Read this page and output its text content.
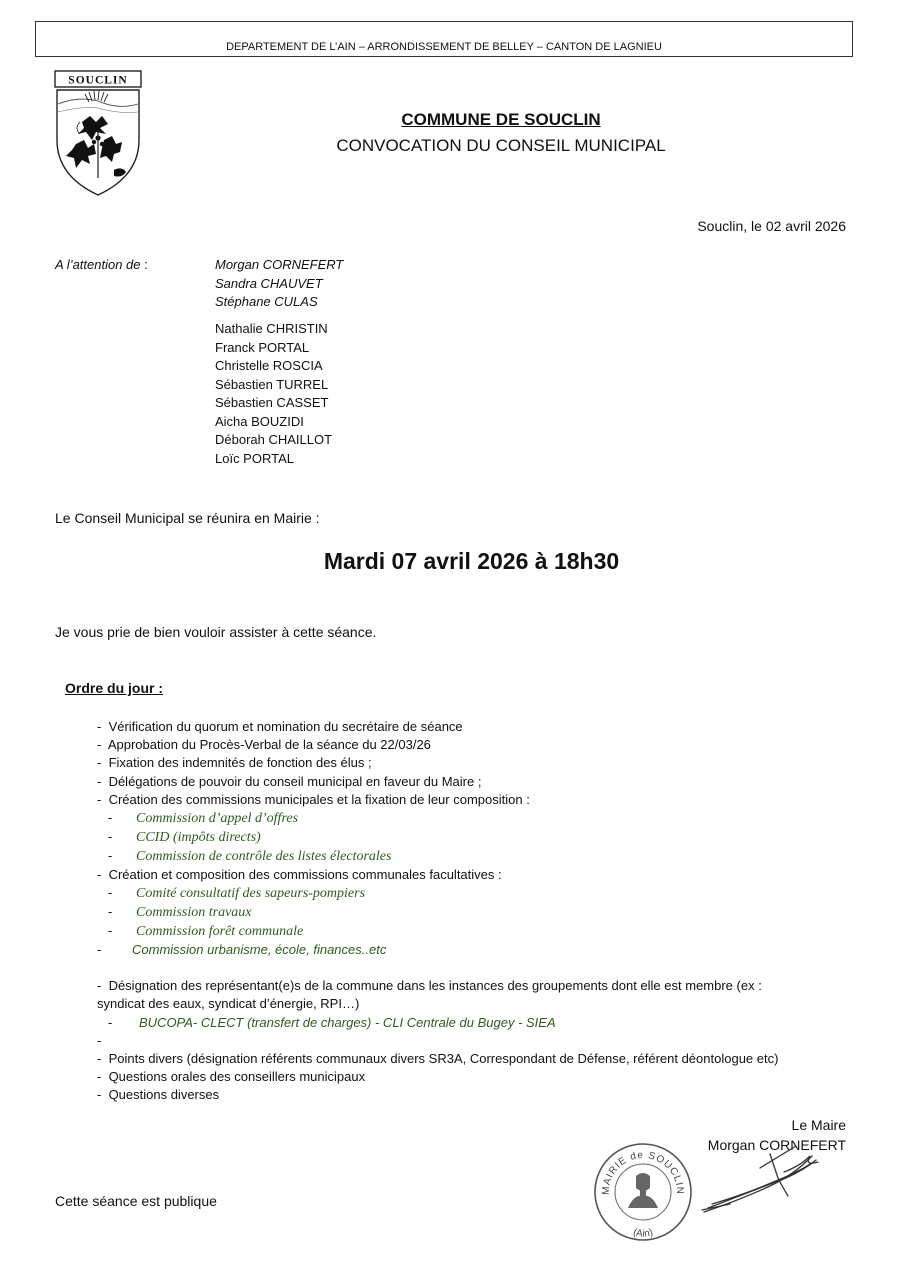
DEPARTEMENT DE L’AIN – ARRONDISSEMENT DE BELLEY – CANTON DE LAGNIEU
SOUCLIN
COMMUNE DE SOUCLIN
CONVOCATION DU CONSEIL MUNICIPAL
Souclin, le 02 avril 2026
A l’attention de :	Morgan CORNEFERT
Sandra CHAUVET
Stéphane CULAS
Nathalie CHRISTIN
Franck PORTAL
Christelle ROSCIA
Sébastien TURREL
Sébastien CASSET
Aicha BOUZIDI
Déborah CHAILLOT
Loïc PORTAL
Le Conseil Municipal se réunira en Mairie :
Mardi 07 avril 2026 à 18h30
Je vous prie de bien vouloir assister à cette séance.
Ordre du jour :
-  Vérification du quorum et nomination du secrétaire de séance
-  Approbation du Procès-Verbal de la séance du 22/03/26
-  Fixation des indemnités de fonction des élus ;
-  Délégations de pouvoir du conseil municipal en faveur du Maire ;
-  Création des commissions municipales et la fixation de leur composition :
- Commission d’appel d’offres
- CCID (impôts directs)
- Commission de contrôle des listes électorales
-  Création et composition des commissions communales facultatives :
- Comité consultatif des sapeurs-pompiers
- Commission travaux
- Commission forêt communale
- Commission urbanisme, école, finances..etc
-  Désignation des représentant(e)s de la commune dans les instances des groupements dont elle est membre (ex :
syndicat des eaux, syndicat d’énergie, RPI…)
- BUCOPA- CLECT (transfert de charges) - CLI Centrale du Bugey - SIEA
-
-  Points divers (désignation référents communaux divers SR3A, Correspondant de Défense, référent déontologue etc)
-  Questions orales des conseillers municipaux
-  Questions diverses
Le Maire
Morgan CORNEFERT
MAIRIE de SOUCLIN
(Ain)
Cette séance est publique
